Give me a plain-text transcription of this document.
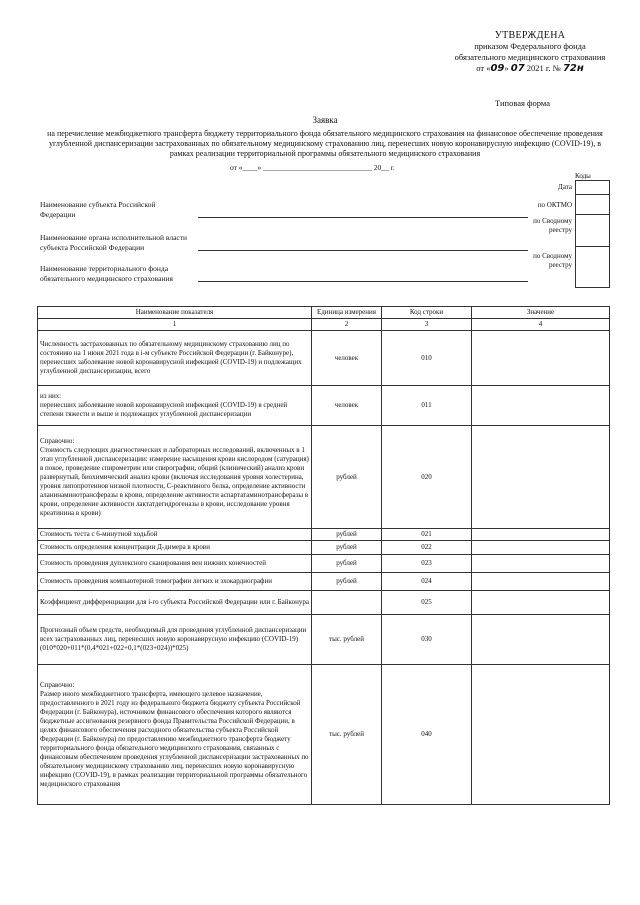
УТВЕРЖДЕНА
приказом Федерального фонда
обязательного медицинского страхования
от «09» 07 2021 г. № 72н
Типовая форма
Заявка
на перечисление межбюджетного трансферта бюджету территориального фонда обязательного медицинского страхования на финансовое обеспечение проведения углубленной диспансеризации застрахованных по обязательному медицинскому страхованию лиц, перенесших новую коронавирусную инфекцию (COVID-19), в рамках реализации территориальной программы обязательного медицинского страхования
от «____» _____________________________ 20__ г.
Коды
Наименование субъекта Российской Федерации
Наименование органа исполнительной власти субъекта Российской Федерации
Наименование территориального фонда обязательного медицинского страхования
Дата
по ОКТМО
по Сводному реестру
по Сводному реестру
Наименование показателя	Единица измерения	Код строки	Значение
1	2	3	4
Численность застрахованных по обязательному медицинскому страхованию лиц по состоянию на 1 июня 2021 года в i-м субъекте Российской Федерации (г. Байконуре), перенесших заболевание новой коронавирусной инфекцией (COVID-19) и подлежащих углубленной диспансеризации, всего	человек	010	
из них:
перенесших заболевание новой коронавирусной инфекцией (COVID-19) в средней степени тяжести и выше и подлежащих углубленной диспансеризации	человек	011	
Справочно:
Стоимость следующих диагностических и лабораторных исследований, включенных в 1 этап углубленной диспансеризации: измерение насыщения крови кислородом (сатурация) в покое, проведение спирометрии или спирографии, общий (клинический) анализ крови развернутый, биохимический анализ крови (включая исследования уровня холестерина, уровня липопротеинов низкой плотности, С-реактивного белка, определение активности аланинаминотрансферазы в крови, определение активности аспартатаминотрансферазы в крови, определение активности лактатдегидрогеназы в крови, исследование уровня креатинина в крови)	рублей	020	
Стоимость теста с 6-минутной ходьбой	рублей	021	
Стоимость определения концентрации Д-димера в крови	рублей	022	
Стоимость проведения дуплексного сканирования вен нижних конечностей	рублей	023	
Стоимость проведения компьютерной томографии легких и эхокардиографии	рублей	024	
Коэффициент дифференциации для i-го субъекта Российской Федерации или г. Байконура		025	
Прогнозный объем средств, необходимый для проведения углубленной диспансеризации всех застрахованных лиц, перенесших новую коронавирусную инфекцию (COVID-19)
(010*020+011*(0,4*021+022+0,1*(023+024))*025)	тыс. рублей	030	
Справочно:
Размер иного межбюджетного трансферта, имеющего целевое назначение, предоставленного в 2021 году из федерального бюджета бюджету субъекта Российской Федерации (г. Байконура), источником финансового обеспечения которого являются бюджетные ассигнования резервного фонда Правительства Российской Федерации, в целях финансового обеспечения расходного обязательства субъекта Российской Федерации (г. Байконура) по предоставлению межбюджетного трансферта бюджету территориального фонда обязательного медицинского страхования, связанных с финансовым обеспечением проведения углубленной диспансеризации застрахованных по обязательному медицинскому страхованию лиц, перенесших новую коронавирусную инфекцию (COVID-19), в рамках реализации территориальной программы обязательного медицинского страхования	тыс. рублей	040	
